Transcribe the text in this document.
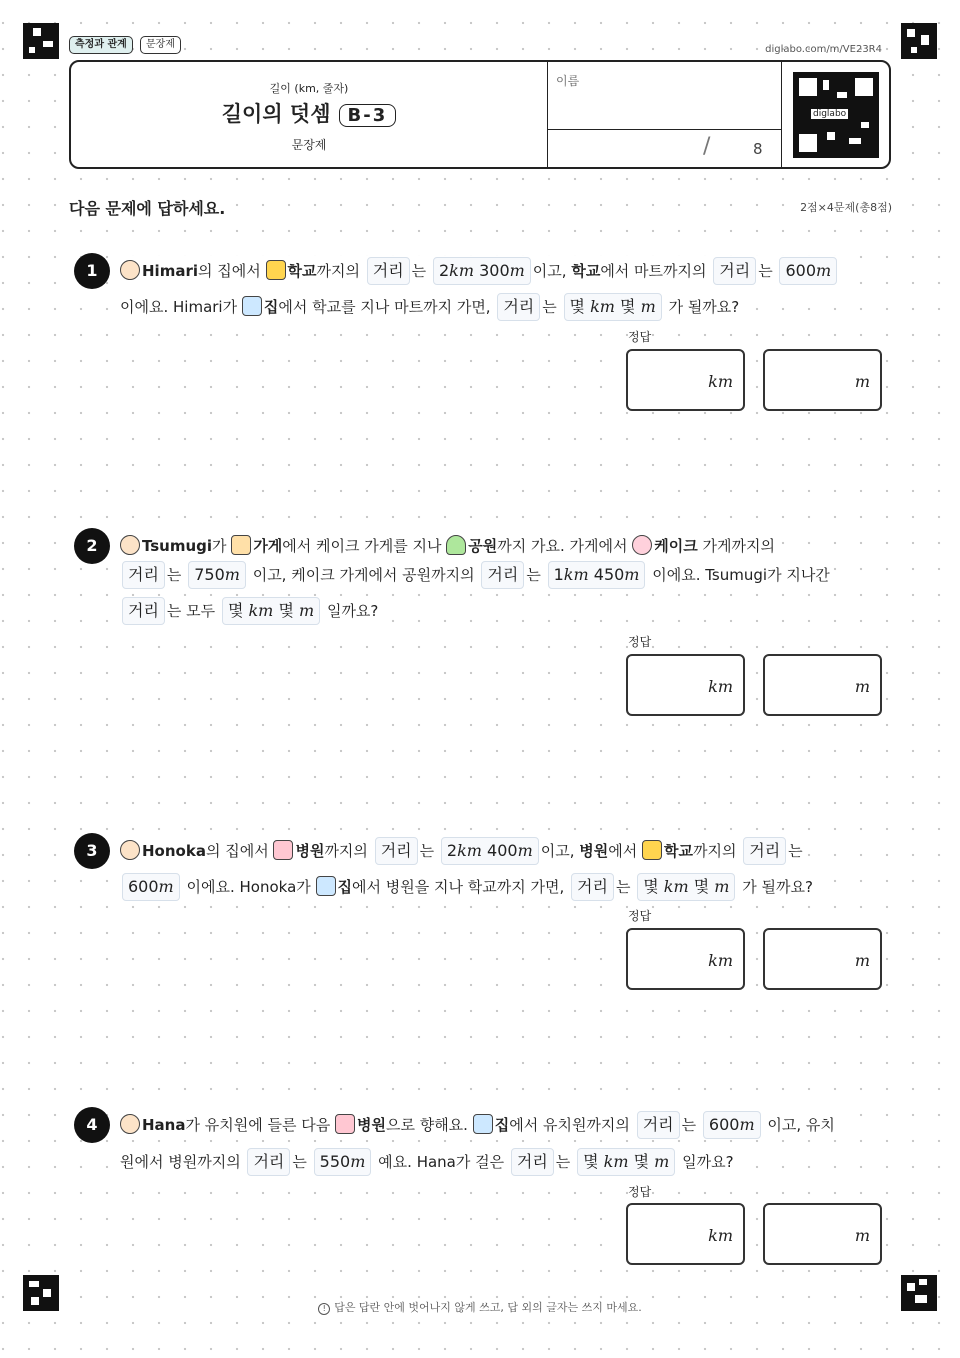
측정과 관계	문장제	diglabo.com/m/VE23R4
길이 (km, 줄자)
길이의 덧셈 B-3
문장제
이름
/	8
diglabo
다음 문제에 답하세요.	2점×4문제(총8점)
1	Himari의 집에서 학교까지의 거리 는 2km 300m 이고, 학교에서 마트까지의 거리 는 600m
이에요. Himari가 집에서 학교를 지나 마트까지 가면, 거리 는 몇 km 몇 m 가 될까요?
정답
km	m
2	Tsumugi가 가게에서 케이크 가게를 지나 공원까지 가요. 가게에서 케이크 가게까지의
거리 는 750m 이고, 케이크 가게에서 공원까지의 거리 는 1km 450m 이에요. Tsumugi가 지나간
거리 는 모두 몇 km 몇 m 일까요?
정답
km	m
3	Honoka의 집에서 병원까지의 거리 는 2km 400m 이고, 병원에서 학교까지의 거리 는
600m 이에요. Honoka가 집에서 병원을 지나 학교까지 가면, 거리 는 몇 km 몇 m 가 될까요?
정답
km	m
4	Hana가 유치원에 들른 다음 병원으로 향해요. 집에서 유치원까지의 거리 는 600m 이고, 유치
원에서 병원까지의 거리 는 550m 예요. Hana가 걸은 거리 는 몇 km 몇 m 일까요?
정답
km	m
! 답은 답란 안에 벗어나지 않게 쓰고, 답 외의 글자는 쓰지 마세요.
